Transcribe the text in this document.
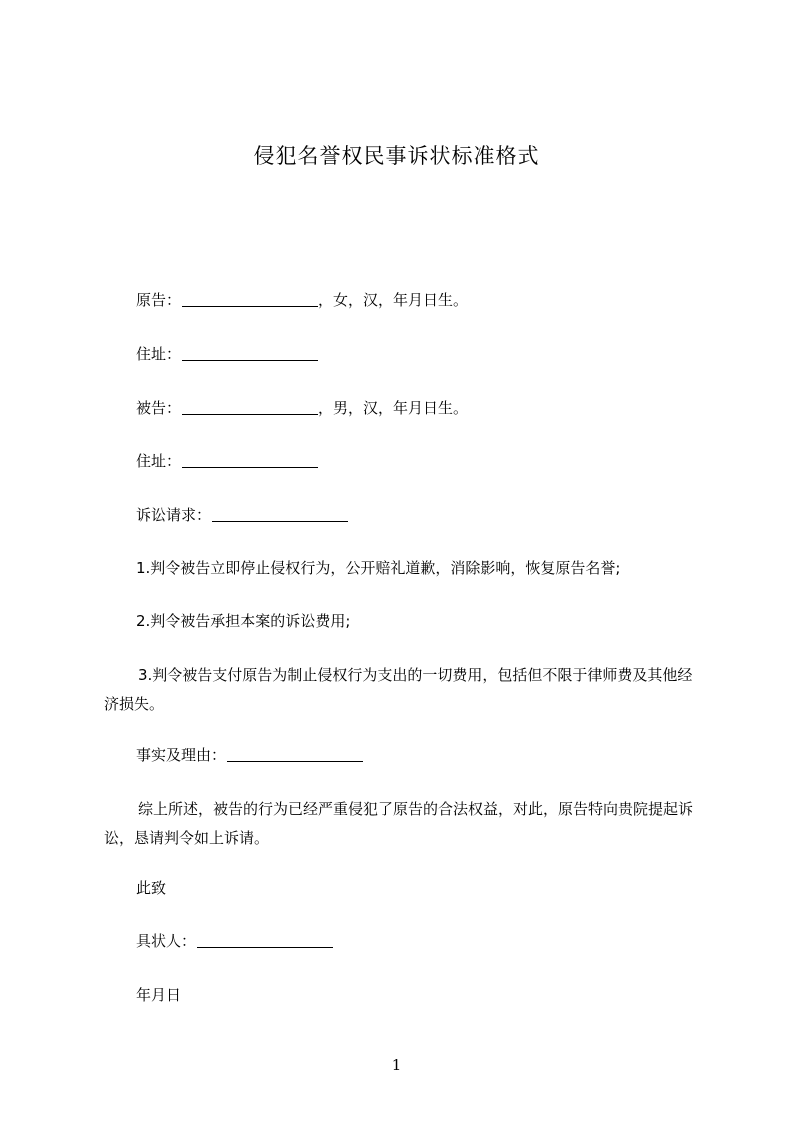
侵犯名誉权民事诉状标准格式
原告：	，女，汉，年月日生。
住址：
被告：	，男，汉，年月日生。
住址：
诉讼请求：
1.判令被告立即停止侵权行为，公开赔礼道歉，消除影响，恢复原告名誉;
2.判令被告承担本案的诉讼费用;
3.判令被告支付原告为制止侵权行为支出的一切费用，包括但不限于律师费及其他经济损失。
事实及理由：
综上所述，被告的行为已经严重侵犯了原告的合法权益，对此，原告特向贵院提起诉讼，恳请判令如上诉请。
此致
具状人：
年月日
1
